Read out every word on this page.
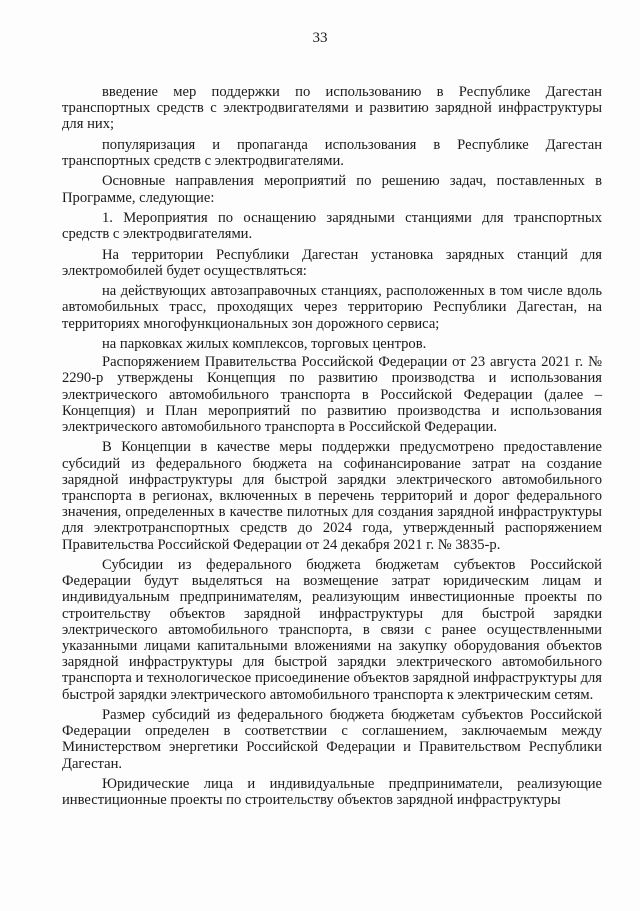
33

введение мер поддержки по использованию в Республике Дагестан транспортных средств с электродвигателями и развитию зарядной инфраструктуры для них;

популяризация и пропаганда использования в Республике Дагестан транспортных средств с электродвигателями.

Основные направления мероприятий по решению задач, поставленных в Программе, следующие:

1. Мероприятия по оснащению зарядными станциями для транспортных средств с электродвигателями.

На территории Республики Дагестан установка зарядных станций для электромобилей будет осуществляться:

на действующих автозаправочных станциях, расположенных в том числе вдоль автомобильных трасс, проходящих через территорию Республики Дагестан, на территориях многофункциональных зон дорожного сервиса;

на парковках жилых комплексов, торговых центров.

Распоряжением Правительства Российской Федерации от 23 августа 2021 г. № 2290-р утверждены Концепция по развитию производства и использования электрического автомобильного транспорта в Российской Федерации (далее – Концепция) и План мероприятий по развитию производства и использования электрического автомобильного транспорта в Российской Федерации.

В Концепции в качестве меры поддержки предусмотрено предоставление субсидий из федерального бюджета на софинансирование затрат на создание зарядной инфраструктуры для быстрой зарядки электрического автомобильного транспорта в регионах, включенных в перечень территорий и дорог федерального значения, определенных в качестве пилотных для создания зарядной инфраструктуры для электротранспортных средств до 2024 года, утвержденный распоряжением Правительства Российской Федерации от 24 декабря 2021 г. № 3835-р.

Субсидии из федерального бюджета бюджетам субъектов Российской Федерации будут выделяться на возмещение затрат юридическим лицам и индивидуальным предпринимателям, реализующим инвестиционные проекты по строительству объектов зарядной инфраструктуры для быстрой зарядки электрического автомобильного транспорта, в связи с ранее осуществленными указанными лицами капитальными вложениями на закупку оборудования объектов зарядной инфраструктуры для быстрой зарядки электрического автомобильного транспорта и технологическое присоединение объектов зарядной инфраструктуры для быстрой зарядки электрического автомобильного транспорта к электрическим сетям.

Размер субсидий из федерального бюджета бюджетам субъектов Российской Федерации определен в соответствии с соглашением, заключаемым между Министерством энергетики Российской Федерации и Правительством Республики Дагестан.

Юридические лица и индивидуальные предприниматели, реализующие инвестиционные проекты по строительству объектов зарядной инфраструктуры
